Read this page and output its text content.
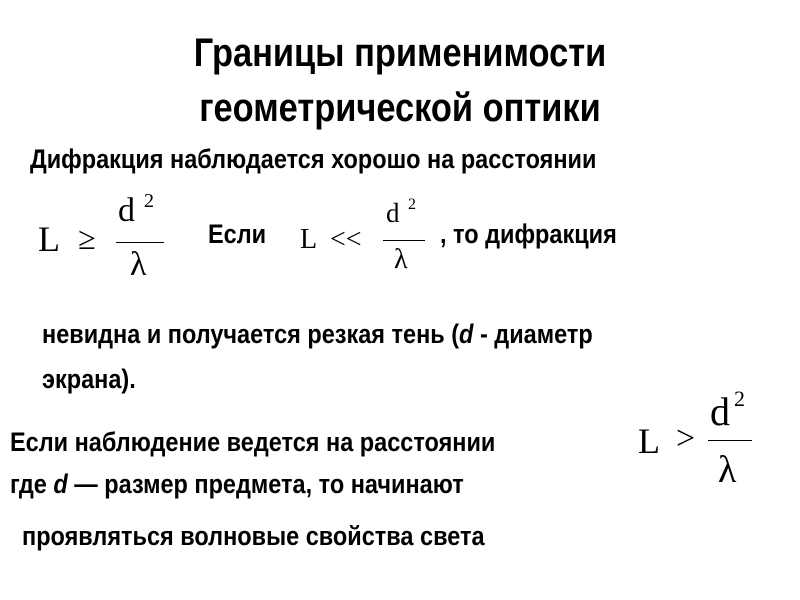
Границы применимости
геометрической оптики
Дифракция наблюдается хорошо на расстоянии
L ≥
d 2
λ
Если L <<
d 2
λ
, то дифракция
невидна и получается резкая тень (d - диаметр
экрана).
Если наблюдение ведется на расстоянии	L >
d 2
λ
где d — размер предмета, то начинают
проявляться волновые свойства света
